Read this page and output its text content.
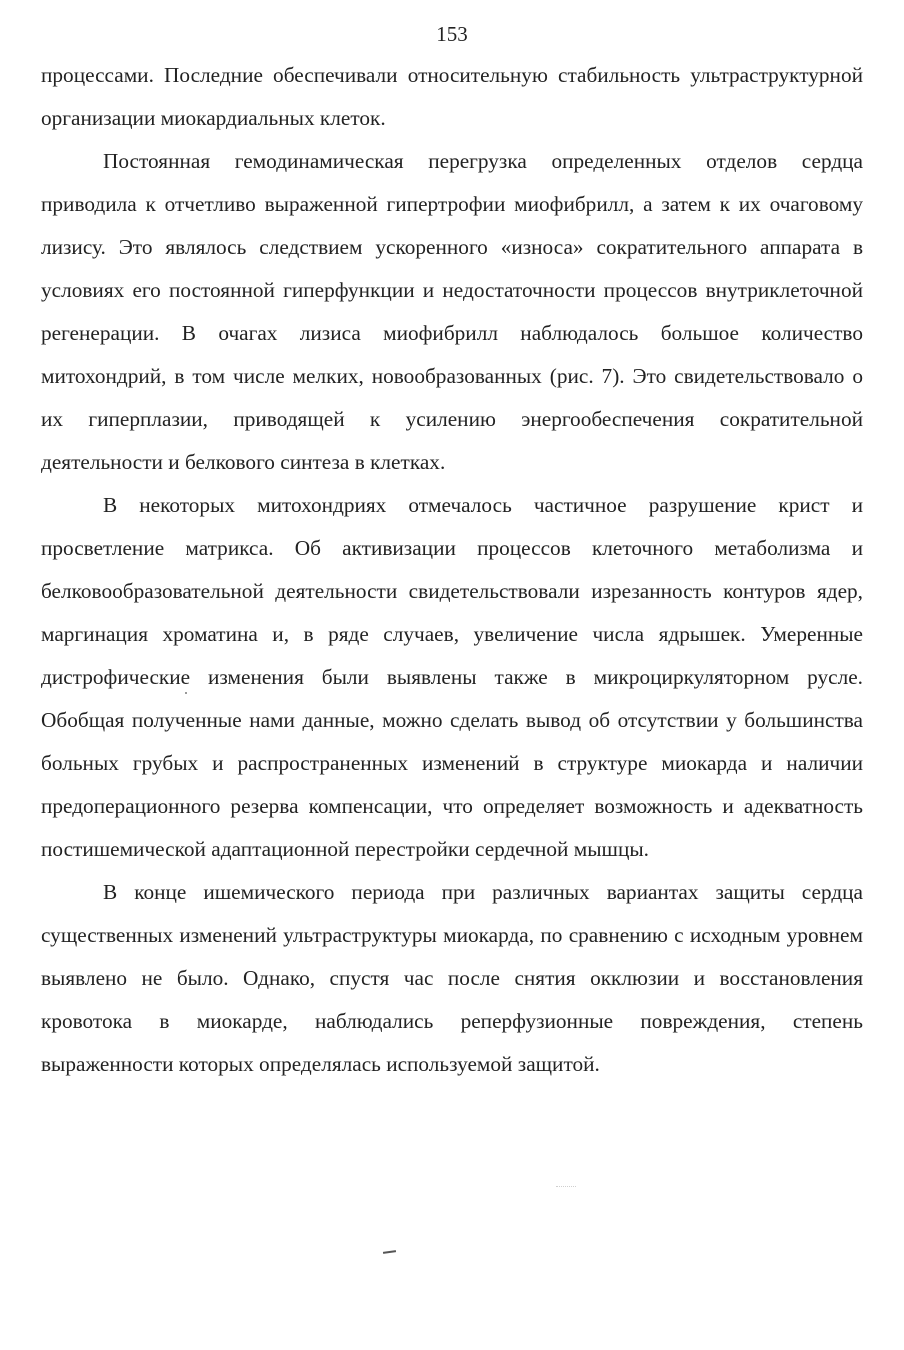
153

процессами. Последние обеспечивали относительную стабильность ультраструктурной организации миокардиальных клеток.

Постоянная гемодинамическая перегрузка определенных отделов сердца приводила к отчетливо выраженной гипертрофии миофибрилл, а затем к их очаговому лизису. Это являлось следствием ускоренного «износа» сократительного аппарата в условиях его постоянной гиперфункции и недостаточности процессов внутриклеточной регенерации. В очагах лизиса миофибрилл наблюдалось большое количество митохондрий, в том числе мелких, новообразованных (рис. 7). Это свидетельствовало о их гиперплазии, приводящей к усилению энергообеспечения сократительной деятельности и белкового синтеза в клетках.

В некоторых митохондриях отмечалось частичное разрушение крист и просветление матрикса. Об активизации процессов клеточного метаболизма и белковообразовательной деятельности свидетельствовали изрезанность контуров ядер, маргинация хроматина и, в ряде случаев, увеличение числа ядрышек. Умеренные дистрофические изменения были выявлены также в микроциркуляторном русле. Обобщая полученные нами данные, можно сделать вывод об отсутствии у большинства больных грубых и распространенных изменений в структуре миокарда и наличии предоперационного резерва компенсации, что определяет возможность и адекватность постишемической адаптационной перестройки сердечной мышцы.

В конце ишемического периода при различных вариантах защиты сердца существенных изменений ультраструктуры миокарда, по сравнению с исходным уровнем выявлено не было. Однако, спустя час после снятия окклюзии и восстановления кровотока в миокарде, наблюдались реперфузионные повреждения, степень выраженности которых определялась используемой защитой.
